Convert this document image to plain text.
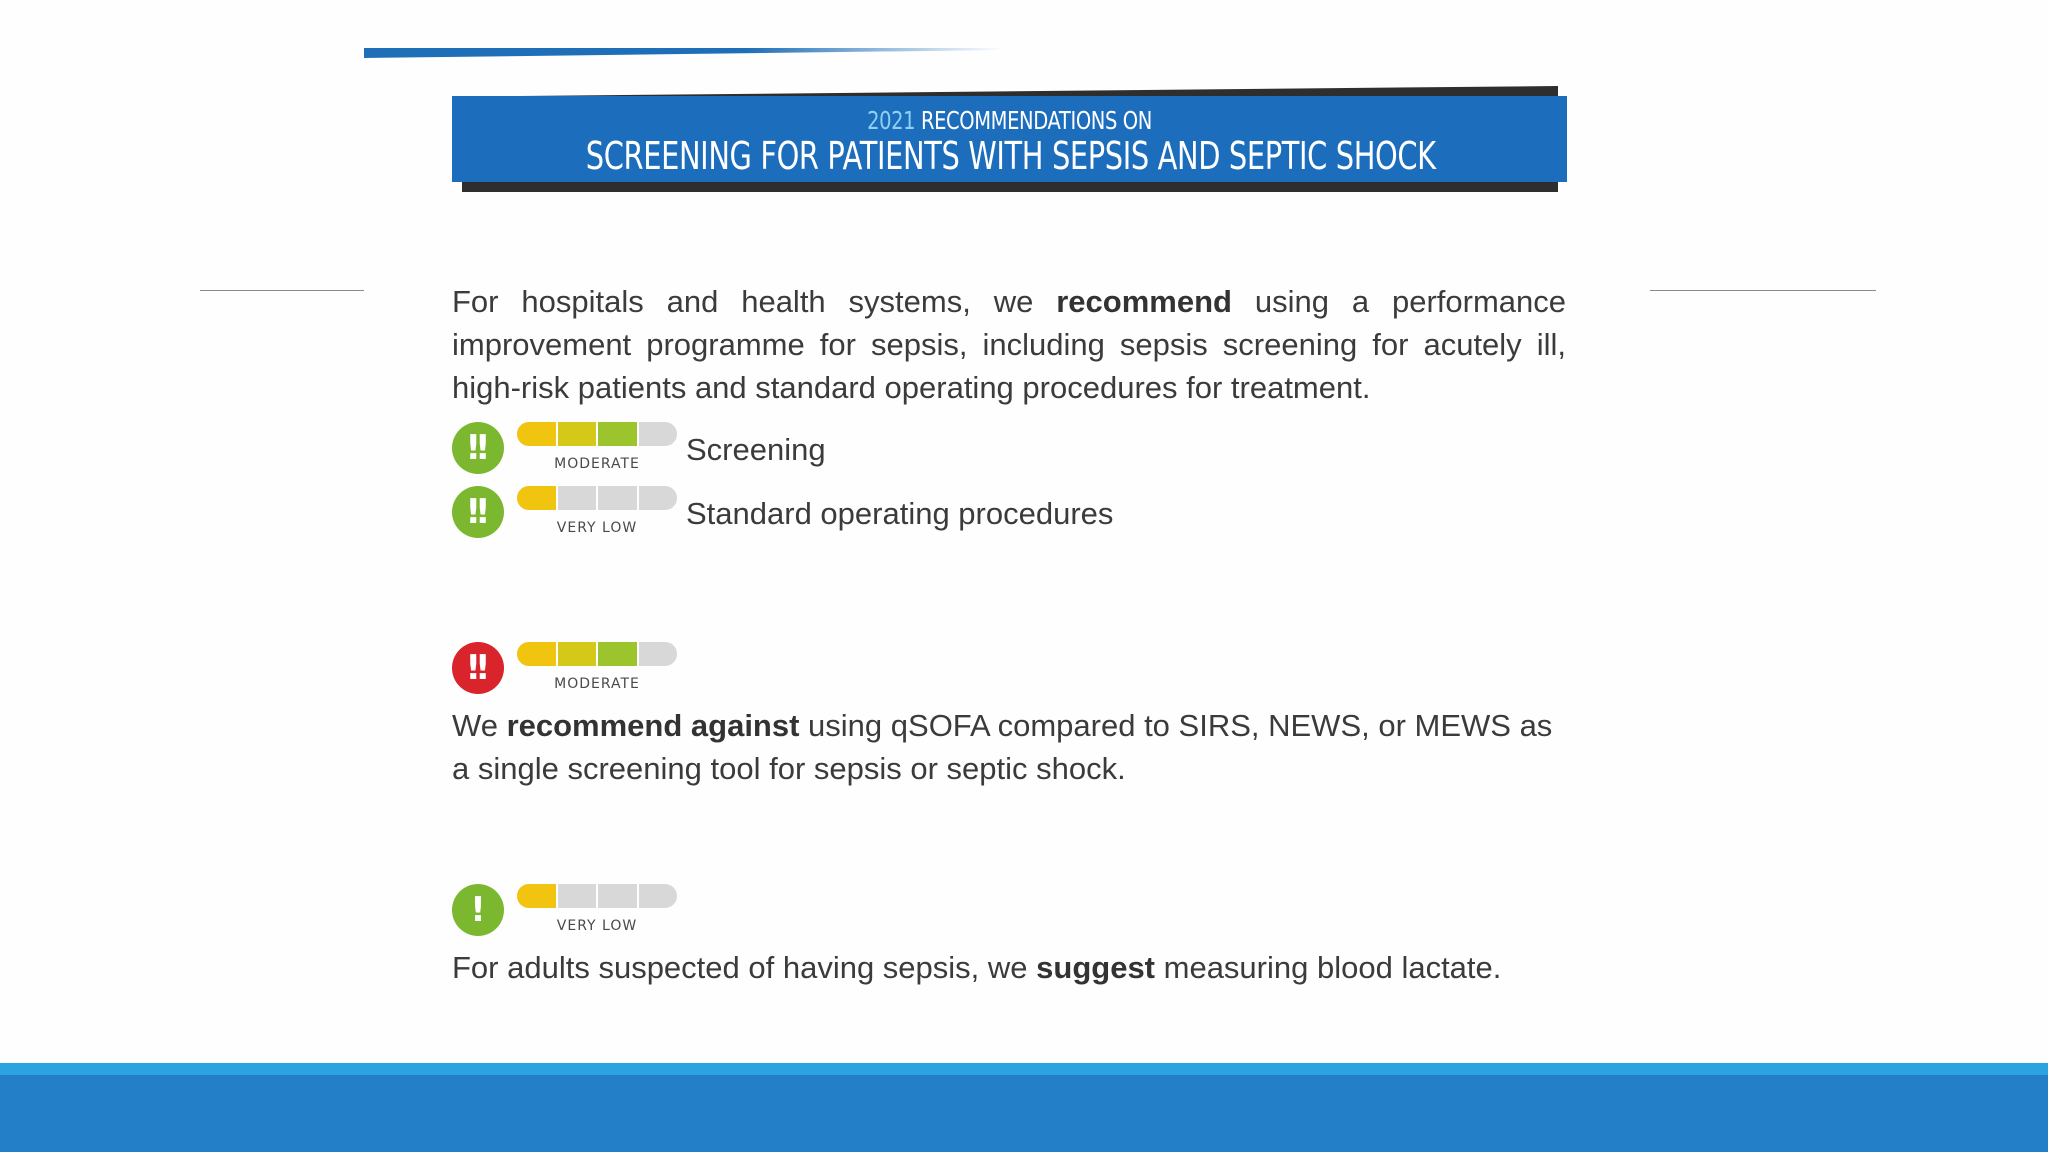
2021 RECOMMENDATIONS ON
SCREENING FOR PATIENTS WITH SEPSIS AND SEPTIC SHOCK
For hospitals and health systems, we recommend using a performance improvement programme for sepsis, including sepsis screening for acutely ill, high-risk patients and standard operating procedures for treatment.
!!	MODERATE	Screening
!!	VERY LOW	Standard operating procedures
!!	MODERATE
We recommend against using qSOFA compared to SIRS, NEWS, or MEWS as a single screening tool for sepsis or septic shock.
!	VERY LOW
For adults suspected of having sepsis, we suggest measuring blood lactate.
